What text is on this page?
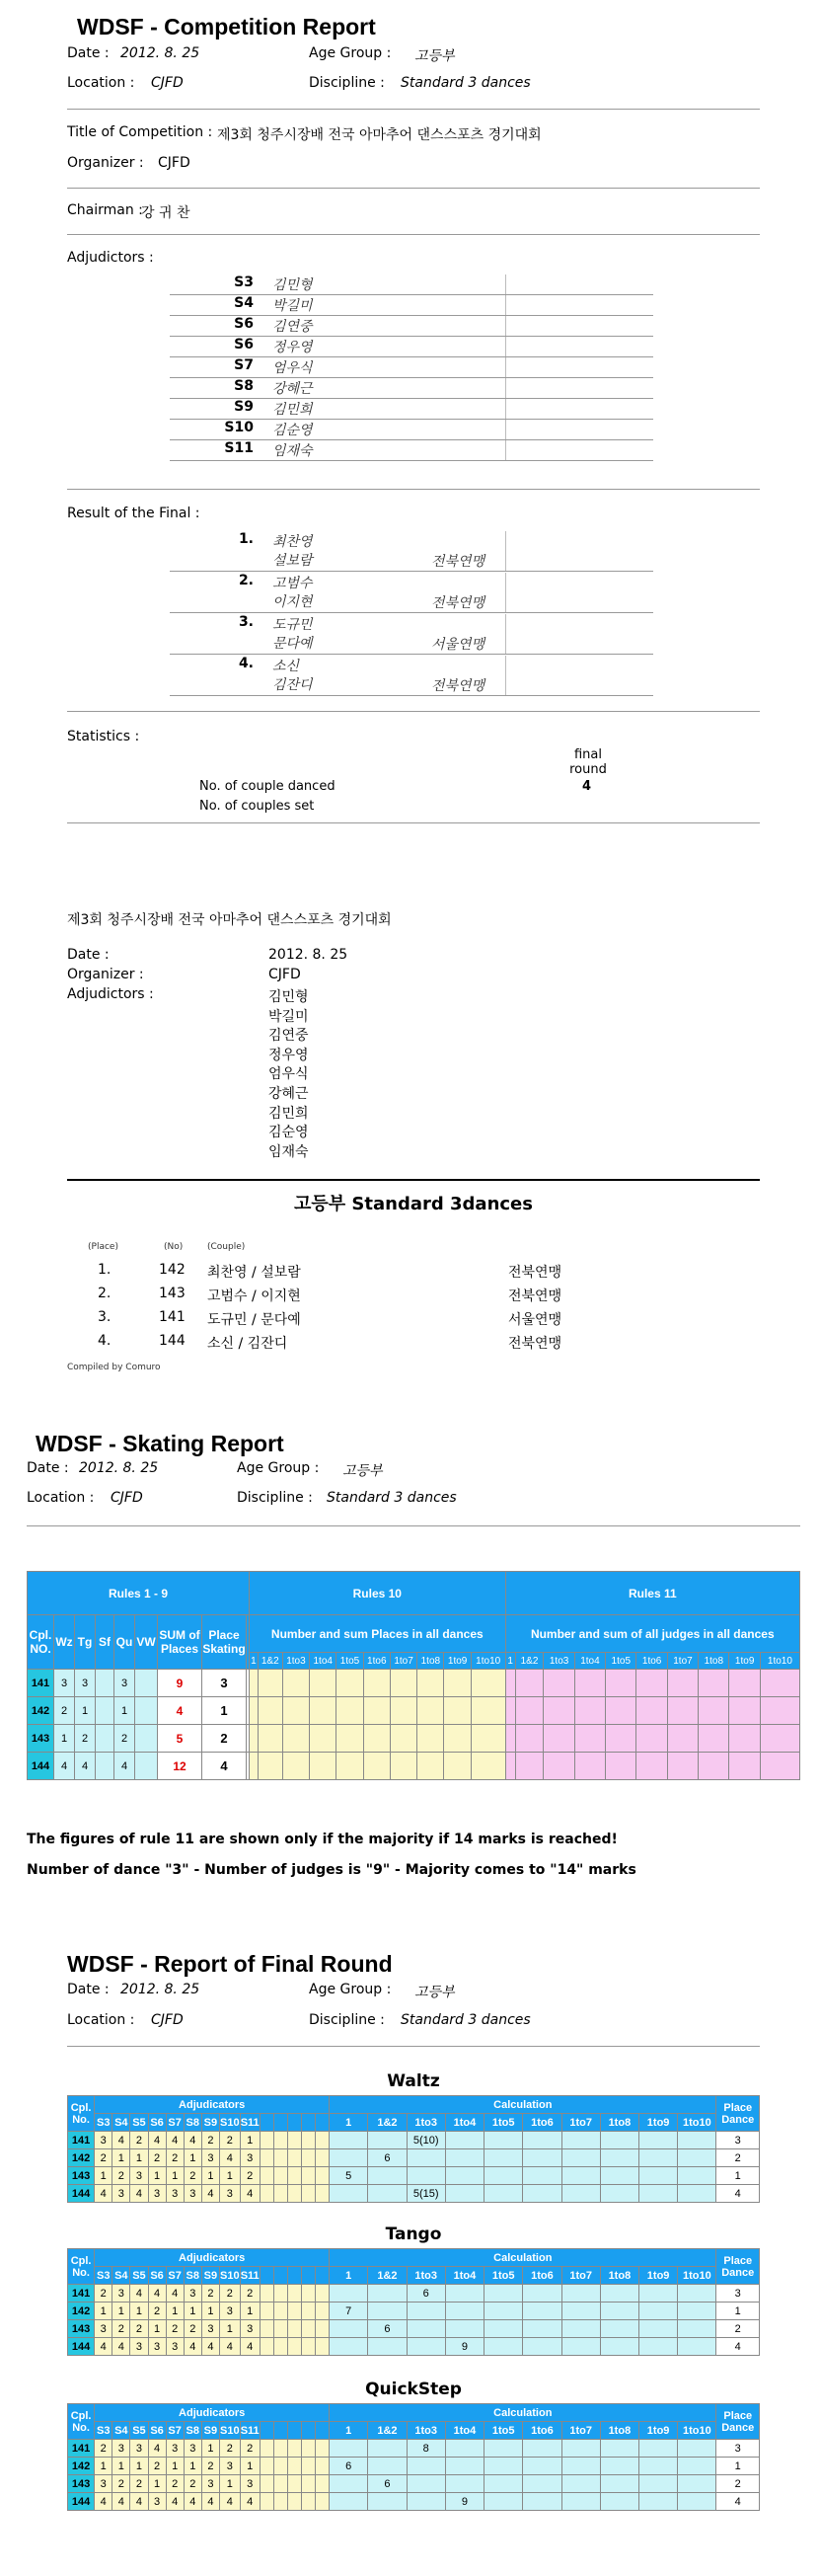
WDSF - Competition Report
Date : 2012. 8. 25	Age Group : 고등부
Location : CJFD	Discipline : Standard 3 dances
Title of Competition : 제3회 청주시장배 전국 아마추어 댄스스포츠 경기대회
Organizer : CJFD
Chairman :
강 귀 찬
Adjudictors :
S3 김민형
S4 박길미
S6 김연중
S6 정우영
S7 엄우식
S8 강혜근
S9 김민희
S10 김순영
S11 임재숙
Result of the Final :
1. 최찬영
설보람	전북연맹
2. 고범수
이지현	전북연맹
3. 도규민
문다예	서울연맹
4. 소신
김잔디	전북연맹
Statistics :
final round
No. of couple danced	4
No. of couples set
제3회 청주시장배 전국 아마추어 댄스스포츠 경기대회
Date :	2012. 8. 25
Organizer :	CJFD
Adjudictors :	김민형
박길미
김연중
정우영
엄우식
강혜근
김민희
김순영
임재숙
고등부 Standard 3dances
(Place)	(No)	(Couple)
1.	142 최찬영 / 설보람	전북연맹
2.	143 고범수 / 이지현	전북연맹
3.	141 도규민 / 문다예	서울연맹
4.	144 소신 / 김잔디	전북연맹
Compiled by Comuro
WDSF - Skating Report
Date : 2012. 8. 25	Age Group : 고등부
Location : CJFD	Discipline : Standard 3 dances
Rules 1 - 9									Rules 10										Rules 11									
Cpl. NO.	Wz	Tg	Sf	Qu	VW	SUM of Places	Place Skating		Number and sum Places in all dances										Number and sum of all judges in all dances									
									1	1&2	1to3	1to4	1to5	1to6	1to7	1to8	1to9	1to10	1	1&2	1to3	1to4	1to5	1to6	1to7	1to8	1to9	1to10
141	3	3		3		9	3																					
142	2	1		1		4	1																					
143	1	2		2		5	2																					
144	4	4		4		12	4																					
The figures of rule 11 are shown only if the majority if 14 marks is reached!
Number of dance "3" - Number of judges is "9" - Majority comes to "14" marks
WDSF - Report of Final Round
Date : 2012. 8. 25	Age Group : 고등부
Location : CJFD	Discipline : Standard 3 dances
Waltz
Cpl. No.	Adjudicators														Calculation										Place Dance
	S3	S4	S5	S6	S7	S8	S9	S10	S11						1	1&2	1to3	1to4	1to5	1to6	1to7	1to8	1to9	1to10	
141	3	4	2	4	4	4	2	2	1								5(10)								3
142	2	1	1	2	2	1	3	4	3							6									2
143	1	2	3	1	1	2	1	1	2						5										1
144	4	3	4	3	3	3	4	3	4								5(15)								4
Tango
Cpl. No.	Adjudicators														Calculation										Place Dance
	S3	S4	S5	S6	S7	S8	S9	S10	S11						1	1&2	1to3	1to4	1to5	1to6	1to7	1to8	1to9	1to10	
141	2	3	4	4	4	3	2	2	2								6								3
142	1	1	1	2	1	1	1	3	1						7										1
143	3	2	2	1	2	2	3	1	3							6									2
144	4	4	3	3	3	4	4	4	4									9							4
QuickStep
Cpl. No.	Adjudicators														Calculation										Place Dance
	S3	S4	S5	S6	S7	S8	S9	S10	S11						1	1&2	1to3	1to4	1to5	1to6	1to7	1to8	1to9	1to10	
141	2	3	3	4	3	3	1	2	2								8								3
142	1	1	1	2	1	1	2	3	1						6										1
143	3	2	2	1	2	2	3	1	3							6									2
144	4	4	4	3	4	4	4	4	4									9							4
